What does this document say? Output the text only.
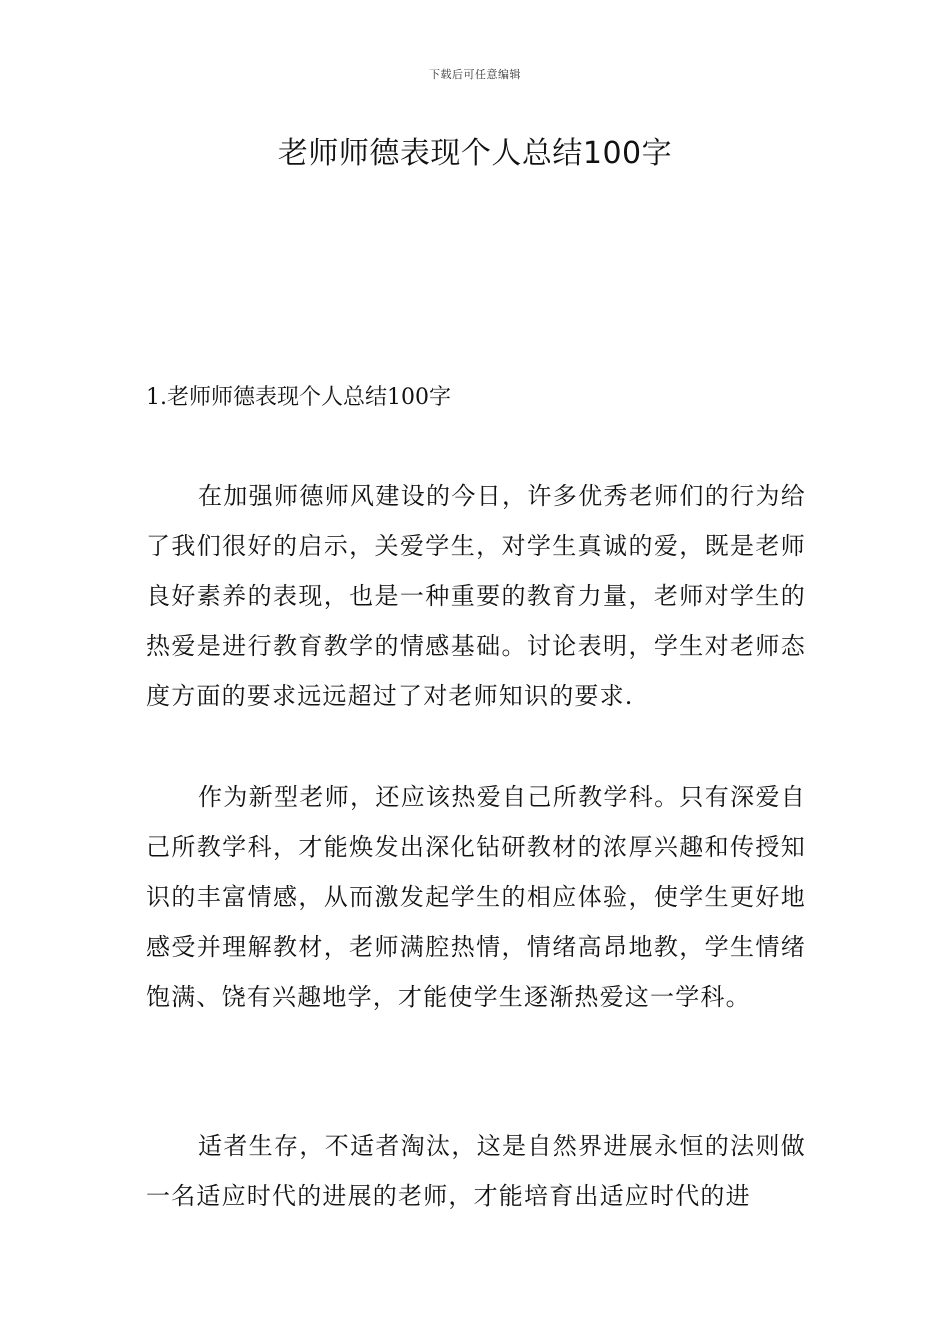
下载后可任意编辑
老师师德表现个人总结100字
1.老师师德表现个人总结100字

在加强师德师风建设的今日，许多优秀老师们的行为给了我们很好的启示，关爱学生，对学生真诚的爱，既是老师良好素养的表现，也是一种重要的教育力量，老师对学生的热爱是进行教育教学的情感基础。讨论表明，学生对老师态度方面的要求远远超过了对老师知识的要求.

作为新型老师，还应该热爱自己所教学科。只有深爱自己所教学科，才能焕发出深化钻研教材的浓厚兴趣和传授知识的丰富情感，从而激发起学生的相应体验，使学生更好地感受并理解教材，老师满腔热情，情绪高昂地教，学生情绪饱满、饶有兴趣地学，才能使学生逐渐热爱这一学科。

适者生存，不适者淘汰，这是自然界进展永恒的法则做一名适应时代的进展的老师，才能培育出适应时代的进
